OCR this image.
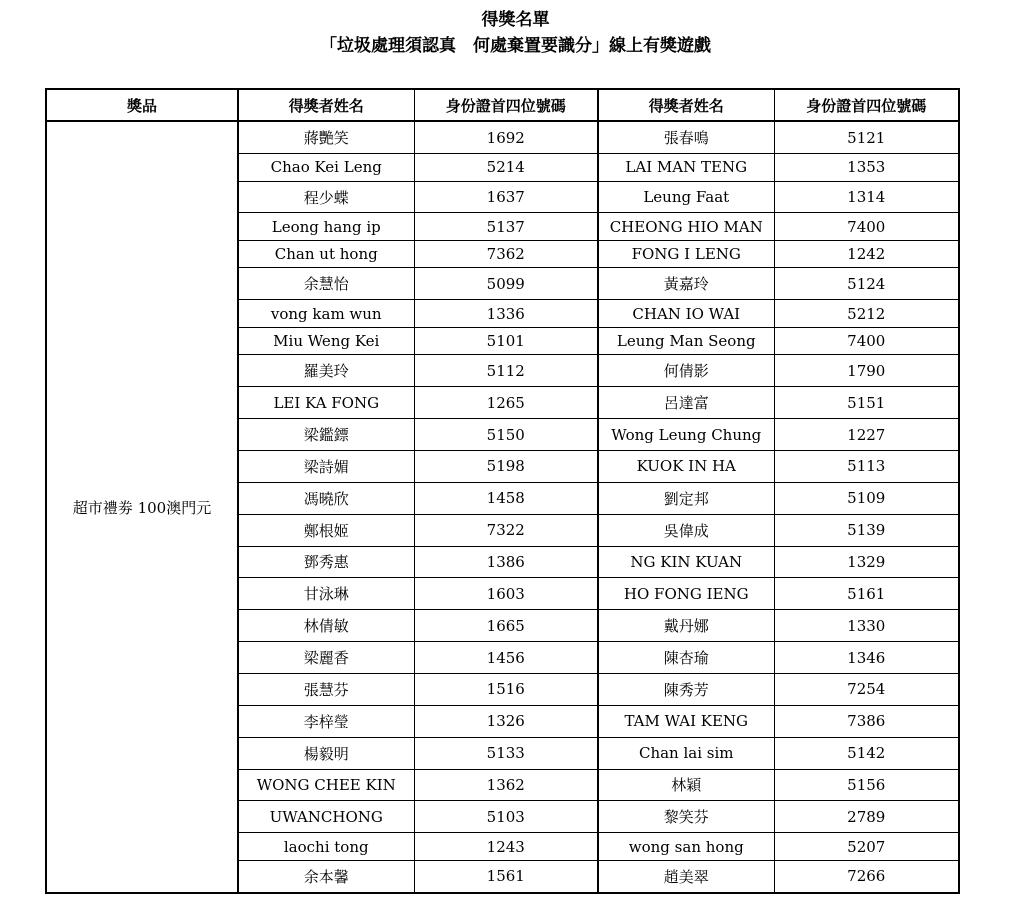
得獎名單
「垃圾處理須認真　何處棄置要識分」線上有獎遊戲
獎品	得獎者姓名	身份證首四位號碼	得獎者姓名	身份證首四位號碼
超市禮劵 100澳門元	蔣艷笑	1692	張春鳴	5121
	Chao Kei Leng	5214	LAI MAN TENG	1353
	程少蝶	1637	Leung Faat	1314
	Leong hang ip	5137	CHEONG HIO MAN	7400
	Chan ut hong	7362	FONG I LENG	1242
	余慧怡	5099	黃嘉玲	5124
	vong kam wun	1336	CHAN IO WAI	5212
	Miu Weng Kei	5101	Leung Man Seong	7400
	羅美玲	5112	何倩影	1790
	LEI KA FONG	1265	呂達富	5151
	梁鑑鏢	5150	Wong Leung Chung	1227
	梁詩媚	5198	KUOK IN HA	5113
	馮曉欣	1458	劉定邦	5109
	鄭根姬	7322	吳偉成	5139
	鄧秀惠	1386	NG KIN KUAN	1329
	甘泳琳	1603	HO FONG IENG	5161
	林倩敏	1665	戴丹娜	1330
	梁麗香	1456	陳杏瑜	1346
	張慧芬	1516	陳秀芳	7254
	李梓瑩	1326	TAM WAI KENG	7386
	楊毅明	5133	Chan lai sim	5142
	WONG CHEE KIN	1362	林穎	5156
	UWANCHONG	5103	黎笑芬	2789
	laochi tong	1243	wong san hong	5207
	余本馨	1561	趙美翠	7266
